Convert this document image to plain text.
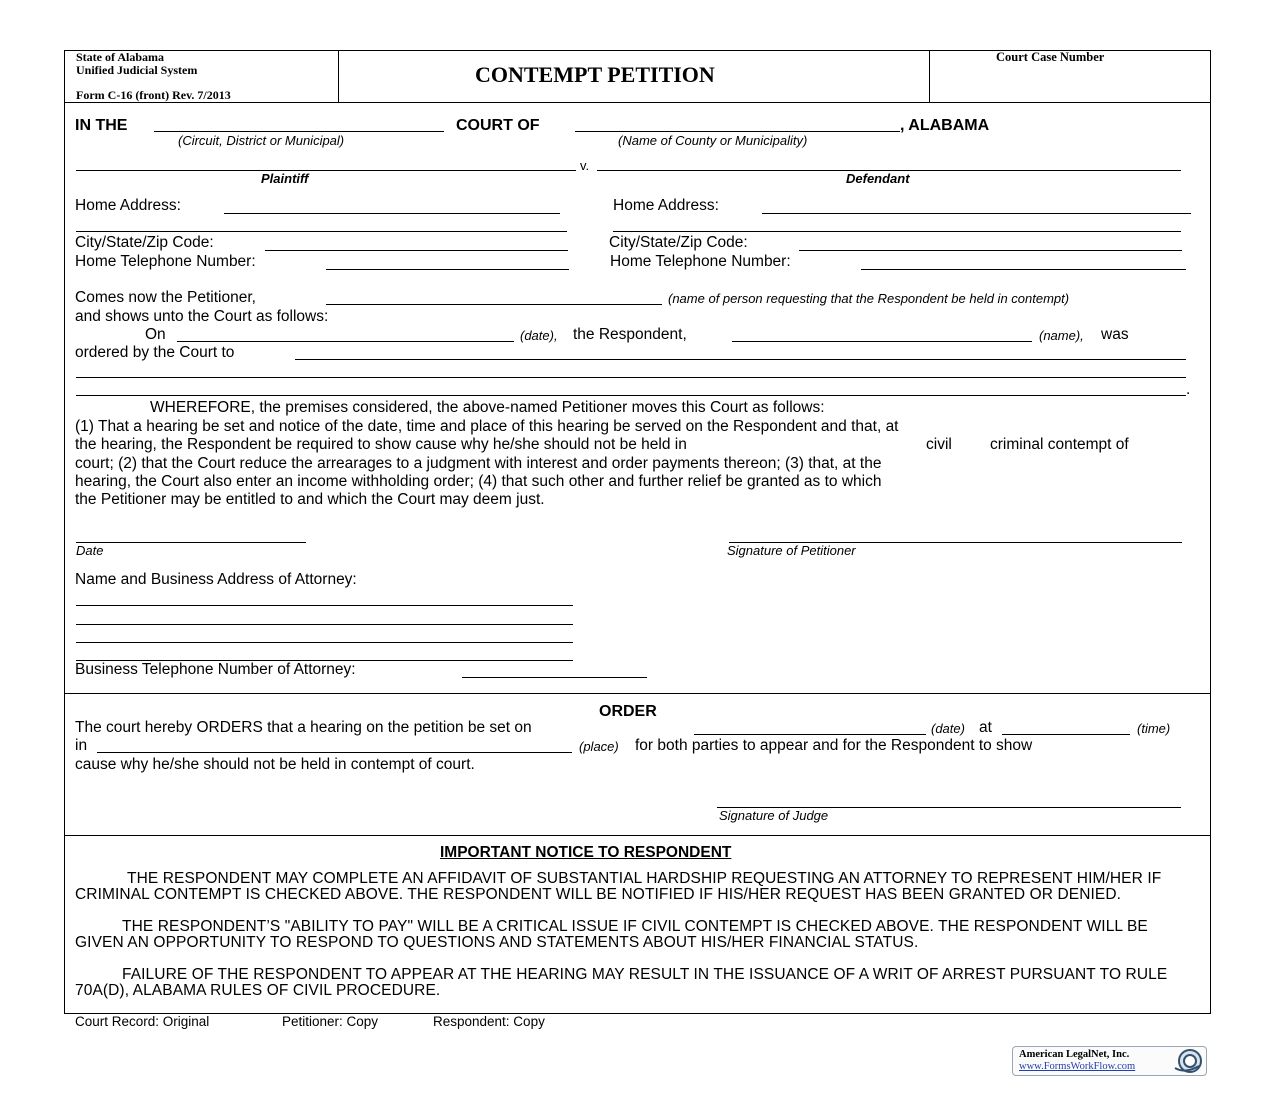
State of Alabama
Unified Judicial System
Form C-16 (front) Rev. 7/2013
CONTEMPT PETITION
Court Case Number
IN THE	COURT OF	, ALABAMA
(Circuit, District or Municipal)	(Name of County or Municipality)
v.
Plaintiff	Defendant
Home Address:	Home Address:
City/State/Zip Code:	City/State/Zip Code:
Home Telephone Number:	Home Telephone Number:
Comes now the Petitioner,	(name of person requesting that the Respondent be held in contempt)
and shows unto the Court as follows:
On	(date), the Respondent,	(name), was
ordered by the Court to
.
WHEREFORE, the premises considered, the above-named Petitioner moves this Court as follows:
(1) That a hearing be set and notice of the date, time and place of this hearing be served on the Respondent and that, at
the hearing, the Respondent be required to show cause why he/she should not be held in	civil criminal contempt of
court; (2) that the Court reduce the arrearages to a judgment with interest and order payments thereon; (3) that, at the
hearing, the Court also enter an income withholding order; (4) that such other and further relief be granted as to which
the Petitioner may be entitled to and which the Court may deem just.
Date	Signature of Petitioner
Name and Business Address of Attorney:
Business Telephone Number of Attorney:
ORDER
The court hereby ORDERS that a hearing on the petition be set on	(date) at	(time)
in	(place) for both parties to appear and for the Respondent to show
cause why he/she should not be held in contempt of court.
Signature of Judge
IMPORTANT NOTICE TO RESPONDENT
THE RESPONDENT MAY COMPLETE AN AFFIDAVIT OF SUBSTANTIAL HARDSHIP REQUESTING AN ATTORNEY TO REPRESENT HIM/HER IF CRIMINAL CONTEMPT IS CHECKED ABOVE. THE RESPONDENT WILL BE NOTIFIED IF HIS/HER REQUEST HAS BEEN GRANTED OR DENIED.
THE RESPONDENT’S "ABILITY TO PAY" WILL BE A CRITICAL ISSUE IF CIVIL CONTEMPT IS CHECKED ABOVE. THE RESPONDENT WILL BE GIVEN AN OPPORTUNITY TO RESPOND TO QUESTIONS AND STATEMENTS ABOUT HIS/HER FINANCIAL STATUS.
FAILURE OF THE RESPONDENT TO APPEAR AT THE HEARING MAY RESULT IN THE ISSUANCE OF A WRIT OF ARREST PURSUANT TO RULE 70A(D), ALABAMA RULES OF CIVIL PROCEDURE.
Court Record: Original	Petitioner: Copy	Respondent: Copy
American LegalNet, Inc.
www.FormsWorkFlow.com
